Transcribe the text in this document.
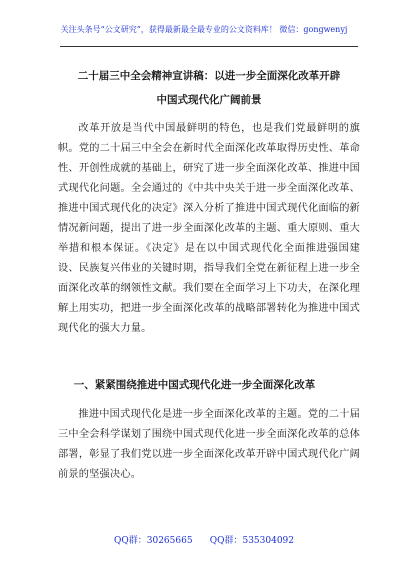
关注头条号“公文研究”，获得最新最全最专业的公文资料库！ 微信：gongwenyj
二十届三中全会精神宣讲稿：以进一步全面深化改革开辟
中国式现代化广阔前景

改革开放是当代中国最鲜明的特色，也是我们党最鲜明的旗帜。党的二十届三中全会在新时代全面深化改革取得历史性、革命性、开创性成就的基础上，研究了进一步全面深化改革、推进中国式现代化问题。全会通过的《中共中央关于进一步全面深化改革、推进中国式现代化的决定》深入分析了推进中国式现代化面临的新情况新问题，提出了进一步全面深化改革的主题、重大原则、重大举措和根本保证。《决定》是在以中国式现代化全面推进强国建设、民族复兴伟业的关键时期，指导我们全党在新征程上进一步全面深化改革的纲领性文献。我们要在全面学习上下功夫，在深化理解上用实功，把进一步全面深化改革的战略部署转化为推进中国式现代化的强大力量。

一、紧紧围绕推进中国式现代化进一步全面深化改革

推进中国式现代化是进一步全面深化改革的主题。党的二十届三中全会科学谋划了围绕中国式现代化进一步全面深化改革的总体部署，彰显了我们党以进一步全面深化改革开辟中国式现代化广阔前景的坚强决心。

QQ群：30265665      QQ群：535304092
